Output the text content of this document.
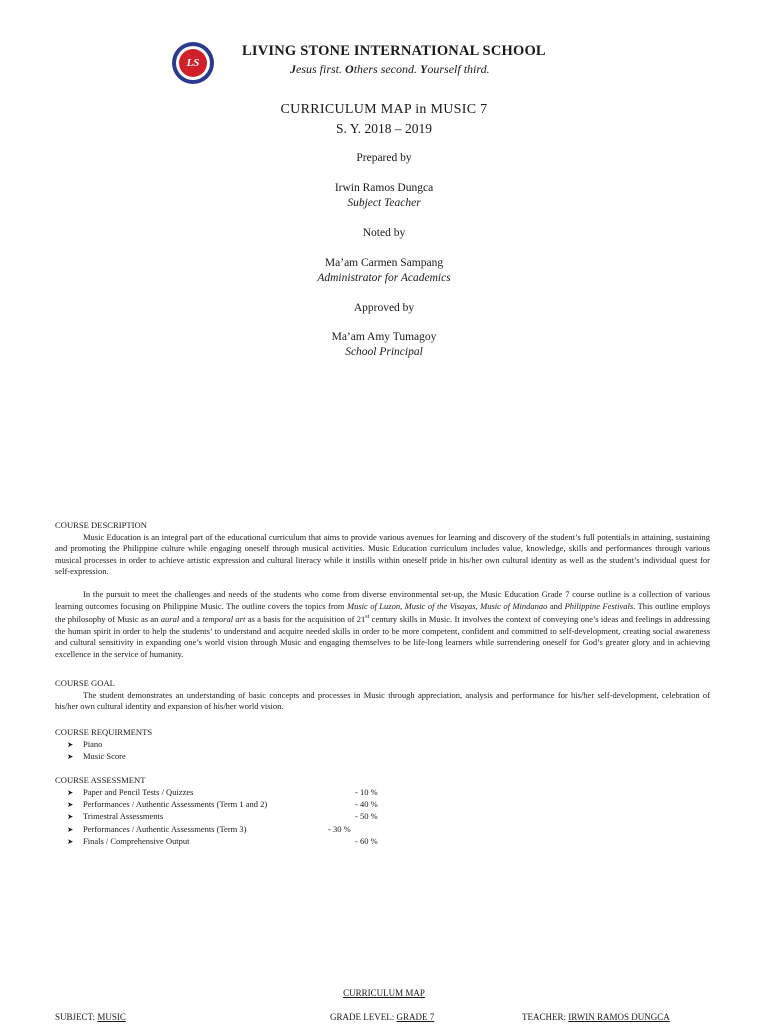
LS
LIVING STONE INTERNATIONAL SCHOOL
Jesus first. Others second. Yourself third.
CURRICULUM MAP in MUSIC 7
S. Y. 2018 – 2019
Prepared by
Irwin Ramos Dungca
Subject Teacher
Noted by
Ma’am Carmen Sampang
Administrator for Academics
Approved by
Ma’am Amy Tumagoy
School Principal

COURSE DESCRIPTION

Music Education is an integral part of the educational curriculum that aims to provide various avenues for learning and discovery of the student’s full potentials in attaining, sustaining and promoting the Philippine culture while engaging oneself through musical activities. Music Education curriculum includes value, knowledge, skills and performances through various musical processes in order to achieve artistic expression and cultural literacy while it instills within oneself pride in his/her own cultural identity as well as the student’s individual quest for self-expression.

In the pursuit to meet the challenges and needs of the students who come from diverse environmental set-up, the Music Education Grade 7 course outline is a collection of various learning outcomes focusing on Philippine Music. The outline covers the topics from Music of Luzon, Music of the Visayas, Music of Mindanao and Philippine Festivals. This outline employs the philosophy of Music as an aural and a temporal art as a basis for the acquisition of 21st century skills in Music. It involves the context of conveying one’s ideas and feelings in addressing the human spirit in order to help the students’ to understand and acquire needed skills in order to be more competent, confident and committed to self-development, creating social awareness and cultural sensitivity in expanding one’s world vision through Music and engaging themselves to be life-long learners while surrendering oneself for God’s greater glory and in achieving excellence in the service of humanity.

COURSE GOAL

The student demonstrates an understanding of basic concepts and processes in Music through appreciation, analysis and performance for his/her self-development, celebration of his/her own cultural identity and expansion of his/her world vision.

COURSE REQUIRMENTS

➤ Piano
➤ Music Score

COURSE ASSESSMENT

➤ Paper and Pencil Tests / Quizzes	- 10 %
➤ Performances / Authentic Assessments (Term 1 and 2)	- 40 %
➤ Trimestral Assessments	- 50 %
➤ Performances / Authentic Assessments (Term 3)	- 30 %
➤ Finals / Comprehensive Output	- 60 %
CURRICULUM MAP
SUBJECT: MUSIC	GRADE LEVEL: GRADE 7	TEACHER: IRWIN RAMOS DUNGCA
